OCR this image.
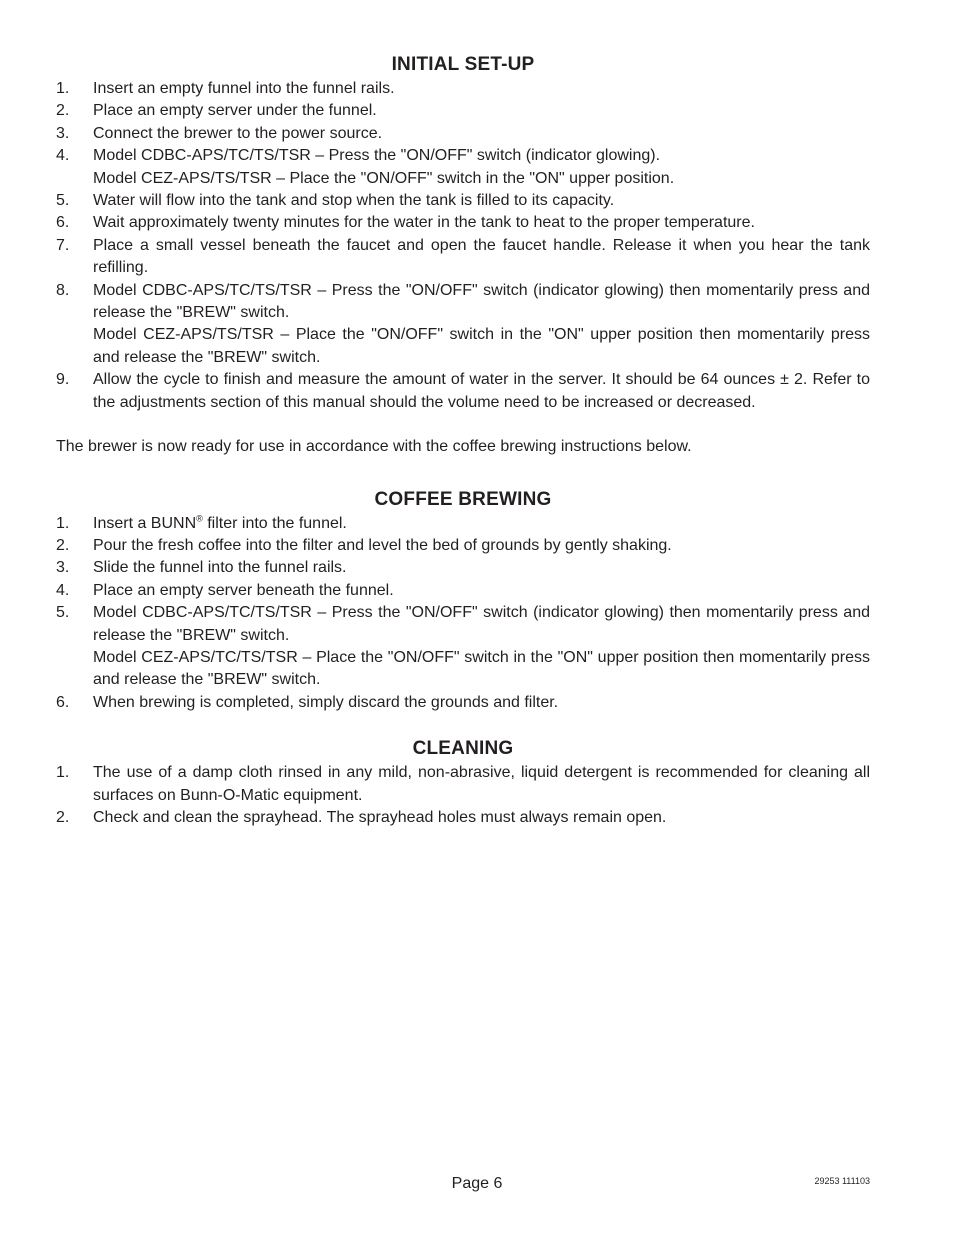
INITIAL SET-UP
1.	Insert an empty funnel into the funnel rails.
2.	Place an empty server under the funnel.
3.	Connect the brewer to the power source.
4.	Model CDBC-APS/TC/TS/TSR – Press the "ON/OFF" switch (indicator glowing).
Model CEZ-APS/TS/TSR – Place the "ON/OFF" switch in the "ON" upper position.
5.	Water will flow into the tank and stop when the tank is filled to its capacity.
6.	Wait approximately twenty minutes for the water in the tank to heat to the proper temperature.
7.	Place a small vessel beneath the faucet and open the faucet handle. Release it when you hear the tank refilling.
8.	Model CDBC-APS/TC/TS/TSR – Press the "ON/OFF" switch (indicator glowing) then momentarily press and release the "BREW" switch.
Model CEZ-APS/TS/TSR – Place the "ON/OFF" switch in the "ON" upper position then momentarily press and release the "BREW" switch.
9.	Allow the cycle to finish and measure the amount of water in the server. It should be 64 ounces ± 2. Refer to the adjustments section of this manual should the volume need to be increased or decreased.

The brewer is now ready for use in accordance with the coffee brewing instructions below.

COFFEE BREWING
1.	Insert a BUNN® filter into the funnel.
2.	Pour the fresh coffee into the filter and level the bed of grounds by gently shaking.
3.	Slide the funnel into the funnel rails.
4.	Place an empty server beneath the funnel.
5.	Model CDBC-APS/TC/TS/TSR – Press the "ON/OFF" switch (indicator glowing) then momentarily press and release the "BREW" switch.
Model CEZ-APS/TC/TS/TSR – Place the "ON/OFF" switch in the "ON" upper position then momentarily press and release the "BREW" switch.
6.	When brewing is completed, simply discard the grounds and filter.
CLEANING
1.	The use of a damp cloth rinsed in any mild, non-abrasive, liquid detergent is recommended for cleaning all surfaces on Bunn-O-Matic equipment.
2.	Check and clean the sprayhead. The sprayhead holes must always remain open.
Page 6	29253 111103
